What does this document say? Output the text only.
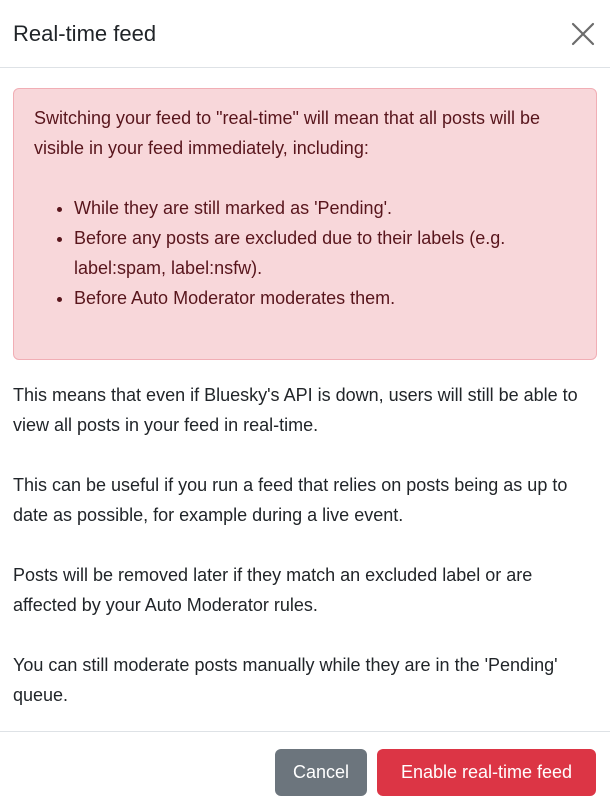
Real-time feed

Switching your feed to "real-time" will mean that all posts will be visible in your feed immediately, including:

• While they are still marked as 'Pending'.
• Before any posts are excluded due to their labels (e.g. label:spam, label:nsfw).
• Before Auto Moderator moderates them.

This means that even if Bluesky's API is down, users will still be able to view all posts in your feed in real-time.

This can be useful if you run a feed that relies on posts being as up to date as possible, for example during a live event.

Posts will be removed later if they match an excluded label or are affected by your Auto Moderator rules.

You can still moderate posts manually while they are in the 'Pending' queue.

Cancel	Enable real-time feed
